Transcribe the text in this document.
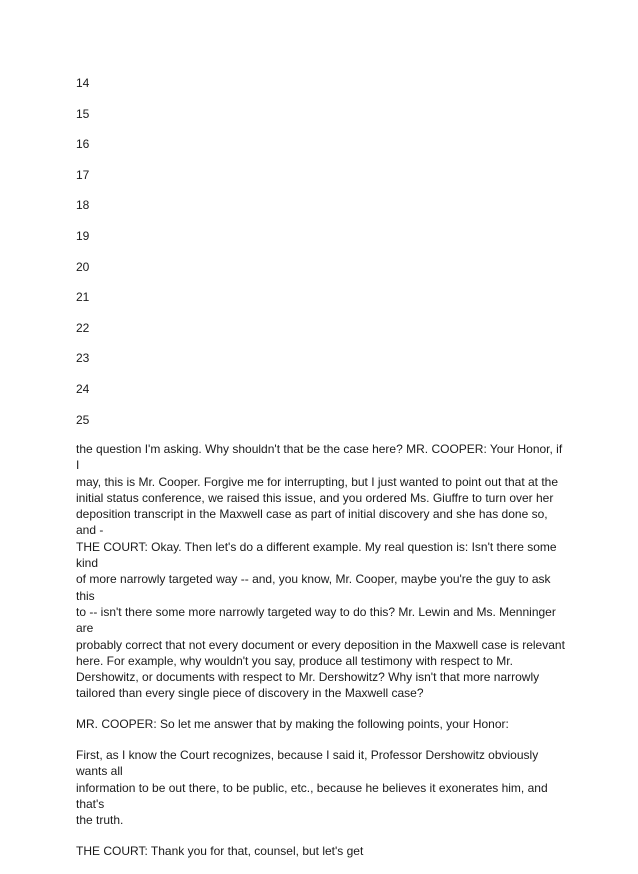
14
15
16
17
18
19
20
21
22
23
24
25

the question I'm asking. Why shouldn't that be the case here? MR. COOPER: Your Honor, if I
may, this is Mr. Cooper. Forgive me for interrupting, but I just wanted to point out that at the
initial status conference, we raised this issue, and you ordered Ms. Giuffre to turn over her
deposition transcript in the Maxwell case as part of initial discovery and she has done so, and -
THE COURT: Okay. Then let's do a different example. My real question is: Isn't there some kind
of more narrowly targeted way -- and, you know, Mr. Cooper, maybe you're the guy to ask this
to -- isn't there some more narrowly targeted way to do this? Mr. Lewin and Ms. Menninger are
probably correct that not every document or every deposition in the Maxwell case is relevant
here. For example, why wouldn't you say, produce all testimony with respect to Mr.
Dershowitz, or documents with respect to Mr. Dershowitz? Why isn't that more narrowly
tailored than every single piece of discovery in the Maxwell case?

MR. COOPER: So let me answer that by making the following points, your Honor:

First, as I know the Court recognizes, because I said it, Professor Dershowitz obviously wants all
information to be out there, to be public, etc., because he believes it exonerates him, and that's
the truth.

THE COURT: Thank you for that, counsel, but let's get
